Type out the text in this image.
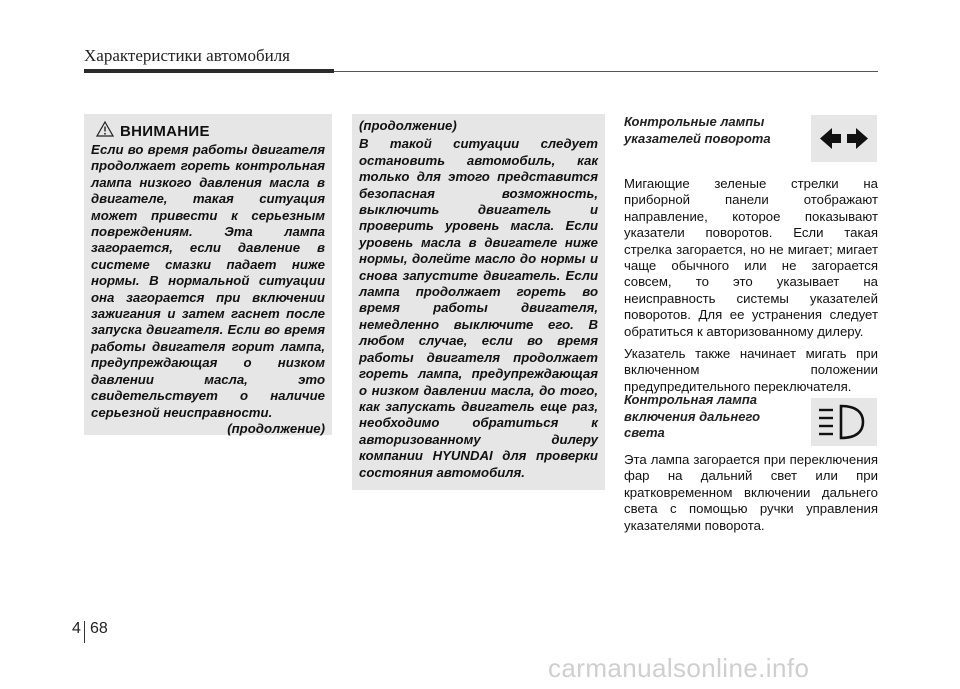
Характеристики автомобиля
ВНИМАНИЕ
Если во время работы двигателя продолжает гореть контрольная лампа низкого давления масла в двигателе, такая ситуация может привести к серьезным повреждениям. Эта лампа загорается, если давление в системе смазки падает ниже нормы. В нормальной ситуации она загорается при включении зажигания и затем гаснет после запуска двигателя. Если во время работы двигателя горит лампа, предупреждающая о низком давлении масла, это свидетельствует о наличие серьезной неисправности.
(продолжение)
(продолжение)
В такой ситуации следует остановить автомобиль, как только для этого представится безопасная возможность, выключить двигатель и проверить уровень масла. Если уровень масла в двигателе ниже нормы, долейте масло до нормы и снова запустите двигатель. Если лампа продолжает гореть во время работы двигателя, немедленно выключите его. В любом случае, если во время работы двигателя продолжает гореть лампа, предупреждающая о низком давлении масла, до того, как запускать двигатель еще раз, необходимо обратиться к авторизованному дилеру компании HYUNDAI для проверки состояния автомобиля.
Контрольные лампы
указателей поворота

Мигающие зеленые стрелки на приборной панели отображают направление, которое показывают указатели поворотов. Если такая стрелка загорается, но не мигает; мигает чаще обычного или не загорается совсем, то это указывает на неисправность системы указателей поворотов. Для ее устранения следует обратиться к авторизованному дилеру.

Указатель также начинает мигать при включенном положении предупредительного переключателя.

Контрольная лампа
включения дальнего
света

Эта лампа загорается при переключения фар на дальний свет или при кратковременном включении дальнего света с помощью ручки управления указателями поворота.

4 68
carmanualsonline.info
